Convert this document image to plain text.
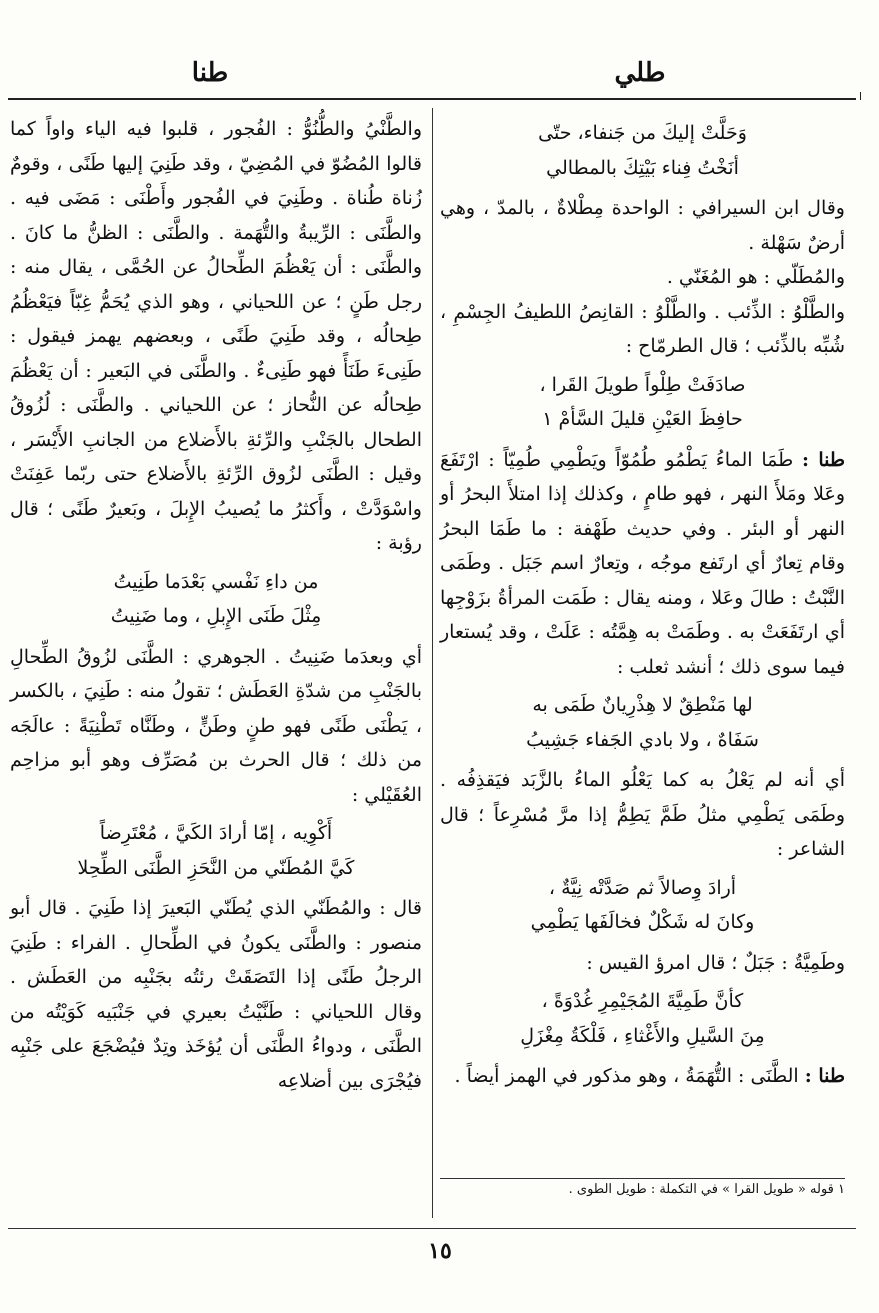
طلي
طنا

وَحَلَّتْ إليكَ من جَنفاء، حتّى

أنَخْتُ فِناء بَيْتِكَ بالمطالي

وقال ابن السيرافي : الواحدة مِطْلاةٌ ، بالمدّ ، وهي أرضٌ سَهْلة .

والمُطَلّي : هو المُغَنّي .

والطَّلْوُ : الذِّئب . والطَّلْوُ : القانِصُ اللطيفُ الجِسْمِ ، شُبِّه بالذِّئب ؛ قال الطرمّاح :

صادَفَتْ طِلْواً طويلَ القَرا ،

حافِظَ العَيْنِ قليلَ السَّأمْ ١

طنا : طَمَا الماءُ يَطْمُو طُمُوّاً ويَطْمِي طُمِيّاً : ارْتَفَعَ وعَلا ومَلأَ النهر ، فهو طامٍ ، وكذلك إذا امتلأَ البحرُ أو النهر أو البئر . وفي حديث طَهْفة : ما طَمَا البحرُ وقام تِعارٌ أي ارتَفع موجُه ، وتِعارٌ اسم جَبَل . وطَمَى النَّبْتُ : طالَ وعَلا ، ومنه يقال : طَمَت المرأةُ بزَوْجِها أي ارتَفَعَتْ به . وطَمَتْ به هِمَّتُه : عَلَتْ ، وقد يُستعار فيما سوى ذلك ؛ أنشد ثعلب :

لها مَنْطِقٌ لا هِذْرِيانٌ طَمَى به

سَفَاهٌ ، ولا بادي الجَفاء جَشِيبُ

أي أنه لم يَعْلُ به كما يَعْلُو الماءُ بالزَّبَد فيَقذِفُه . وطَمَى يَطْمِي مثلُ طَمَّ يَطِمُّ إذا مرَّ مُسْرِعاً ؛ قال الشاعر :

أرادَ وِصالاً ثم صَدَّتْه نِيَّةٌ ،

وكانَ له شَكْلٌ فخالَفَها يَطْمِي

وطَمِيَّةُ : جَبَلٌ ؛ قال امرؤ القيس :

كأنَّ طَمِيَّةَ المُجَيْمِرِ غُدْوَةً ،

مِنَ السَّيلِ والأَغْثاءِ ، فَلْكَةُ مِغْزَلِ

طنا : الطَّنَى : التُّهَمَةُ ، وهو مذكور في الهمز أيضاً .

والطَّنْيُ والطُّنُوُّ : الفُجور ، قلبوا فيه الياء واواً كما قالوا المُضُوّ في المُضِيّ ، وقد طَنِيَ إليها طَنًى ، وقومٌ زُناة طُناة . وطَنِيَ في الفُجور وأَطْنَى : مَضَى فيه . والطَّنَى : الرِّيبةُ والتُّهَمة . والطَّنَى : الظنُّ ما كانَ . والطَّنَى : أن يَعْظُمَ الطِّحالُ عن الحُمَّى ، يقال منه : رجل طَنٍ ؛ عن اللحياني ، وهو الذي يُحَمُّ غِبّاً فيَعْظُمُ طِحالُه ، وقد طَنِيَ طَنًى ، وبعضهم يهمز فيقول : طَنِىءَ طَنَأً فهو طَنِىءٌ . والطَّنَى في البَعير : أن يَعْظُمَ طِحالُه عن النُّحاز ؛ عن اللحياني . والطَّنَى : لُزُوقُ الطحال بالجَنْبِ والرِّئةِ بالأَضلاع من الجانبِ الأَيْسَر ، وقيل : الطَّنَى لزُوق الرِّئةِ بالأَضلاع حتى ربّما عَفِنَتْ واسْوَدَّتْ ، وأَكثرُ ما يُصيبُ الإِبلَ ، وبَعيرٌ طَنًى ؛ قال رؤبة :

من داءِ نَفْسي بَعْدَما طَنِيتُ

مِثْلَ طَنَى الإِبلِ ، وما ضَنِيتُ

أي وبعدَما ضَنِيتُ . الجوهري : الطَّنَى لزُوقُ الطِّحالِ بالجَنْبِ من شدّةِ العَطَش ؛ تقولُ منه : طَنِيَ ، بالكسر ، يَطْنَى طَنًى فهو طنٍ وطَنٍّ ، وطَنَّاه تَطْنِيَةً : عالَجَه من ذلك ؛ قال الحرث بن مُصَرِّف وهو أبو مزاحِم العُقَيْلي :

أَكْوِيه ، إمّا أرادَ الكَيَّ ، مُعْتَرِضاً

كَيَّ المُطَنّي من النَّحَزِ الطَّنَى الطِّحِلا

قال : والمُطَنّي الذي يُطَنّي البَعيرَ إذا طَنِيَ . قال أبو منصور : والطَّنَى يكونُ في الطِّحالِ . الفراء : طَنِيَ الرجلُ طَنًى إذا التَصَقَتْ رئتُه بجَنْبِه من العَطَش . وقال اللحياني : طَنَّيْتُ بعيري في جَنْبَيه كَوَيْتُه من الطَّنَى ، ودواءُ الطَّنَى أن يُؤخَذ وتِدٌ فيُضْجَعَ على جَنْبِه فيُجْرَى بين أضلاعِه

١ قوله « طويل القرا » في التكملة : طويل الطوى .
١٥
